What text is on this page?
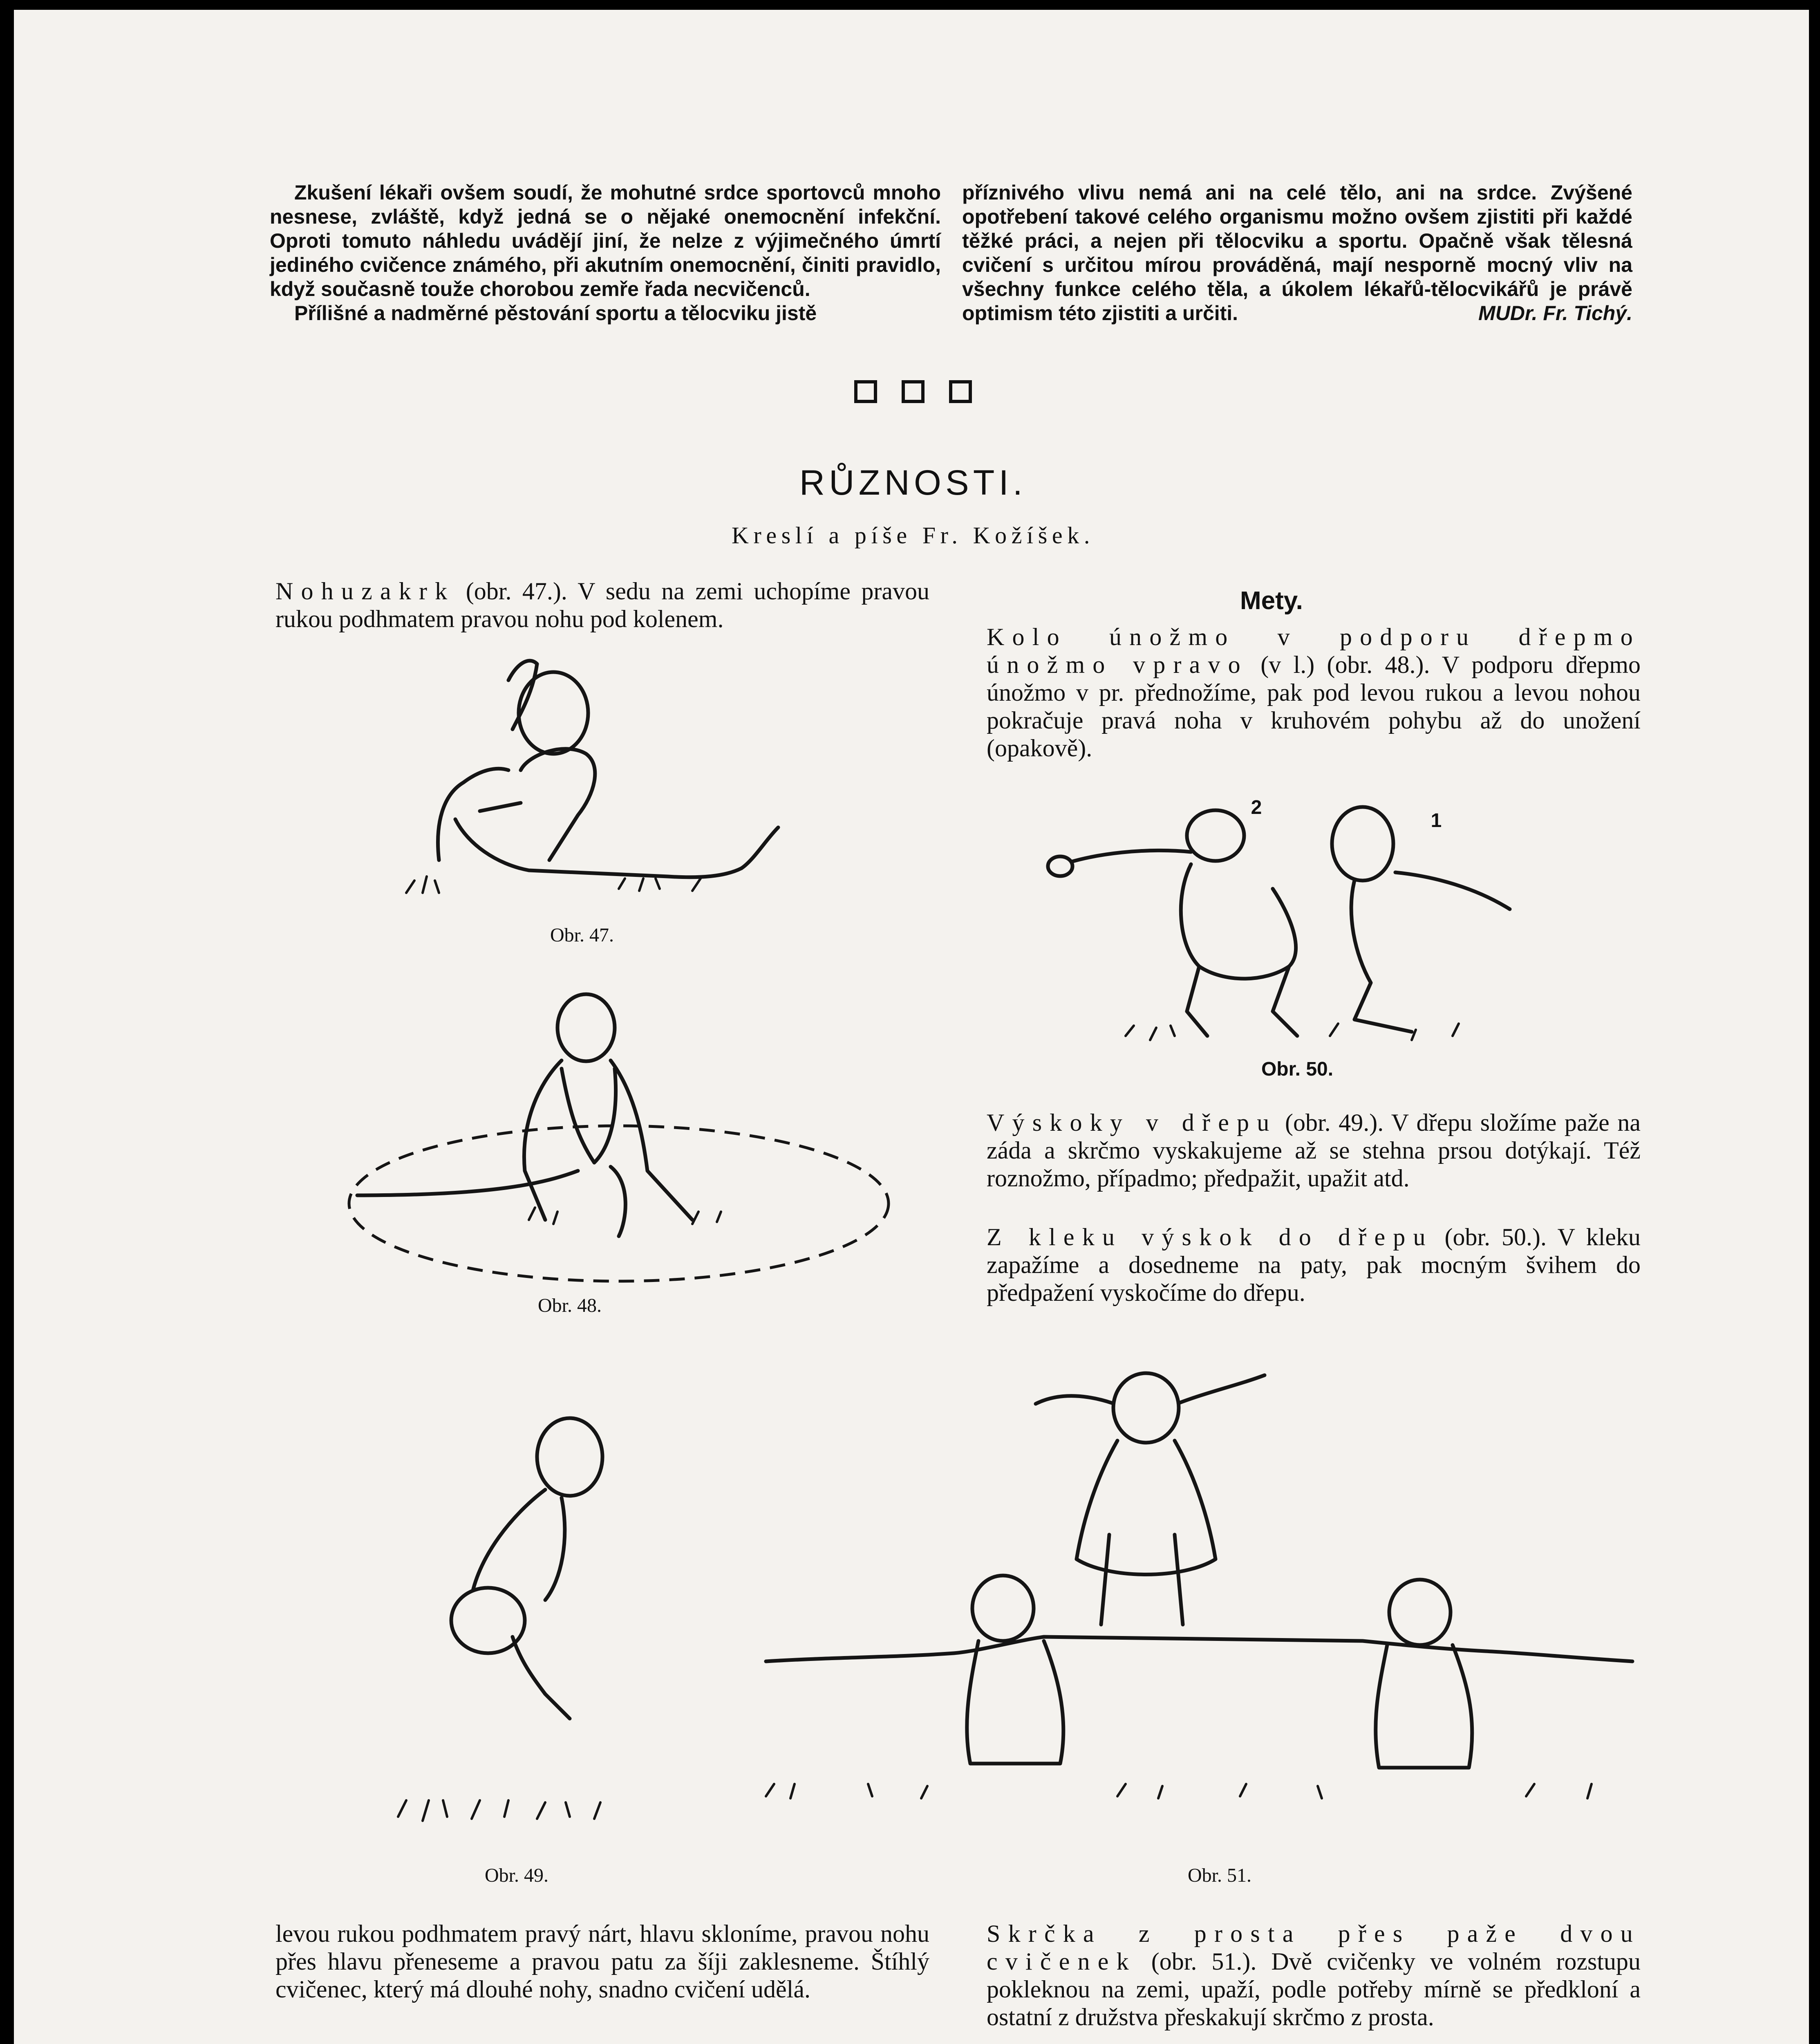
Zkušení lékaři ovšem soudí, že mohutné srdce sportovců mnoho nesnese, zvláště, když jedná se o nějaké onemocnění infekční. Oproti tomuto náhledu uvádějí jiní, že nelze z výjimečného úmrtí jediného cvičence známého, při akutním onemocnění, činiti pravidlo, když současně touže chorobou zemře řada necvičenců.
Přílišné a nadměrné pěstování sportu a tělocviku jistě
příznivého vlivu nemá ani na celé tělo, ani na srdce. Zvýšené opotřebení takové celého organismu možno ovšem zjistiti při každé těžké práci, a nejen při tělocviku a sportu. Opačně však tělesná cvičení s určitou mírou prováděná, mají nesporně mocný vliv na všechny funkce celého těla, a úkolem lékařů-tělocvikářů je právě optimism této zjistiti a určiti.	MUDr. Fr. Tichý.
RŮZNOSTI.
Kreslí a píše Fr. Kožíšek.
Nohuzakrk (obr. 47.). V sedu na zemi uchopíme pravou rukou podhmatem pravou nohu pod kolenem.
Mety.
Kolo únožmo v podporu dřepmo únožmo vpravo (v l.) (obr. 48.). V podporu dřepmo únožmo v pr. přednožíme, pak pod levou rukou a levou nohou pokračuje pravá noha v kruhovém pohybu až do unožení (opakově).
Obr. 47.
2
1
Obr. 50.
Obr. 48.
Výskoky v dřepu (obr. 49.). V dřepu složíme paže na záda a skrčmo vyskakujeme až se stehna prsou dotýkají. Též roznožmo, případmo; předpažit, upažit atd.
Z kleku výskok do dřepu (obr. 50.). V kleku zapažíme a dosedneme na paty, pak mocným švihem do předpažení vyskočíme do dřepu.
Obr. 49.	Obr. 51.
levou rukou podhmatem pravý nárt, hlavu skloníme, pravou nohu přes hlavu přeneseme a pravou patu za šíji zaklesneme. Štíhlý cvičenec, který má dlouhé nohy, snadno cvičení udělá.
Skrčka z prosta přes paže dvou cvičenek (obr. 51.). Dvě cvičenky ve volném rozstupu pokleknou na zemi, upaží, podle potřeby mírně se předkloní a ostatní z družstva přeskakují skrčmo z prosta.
